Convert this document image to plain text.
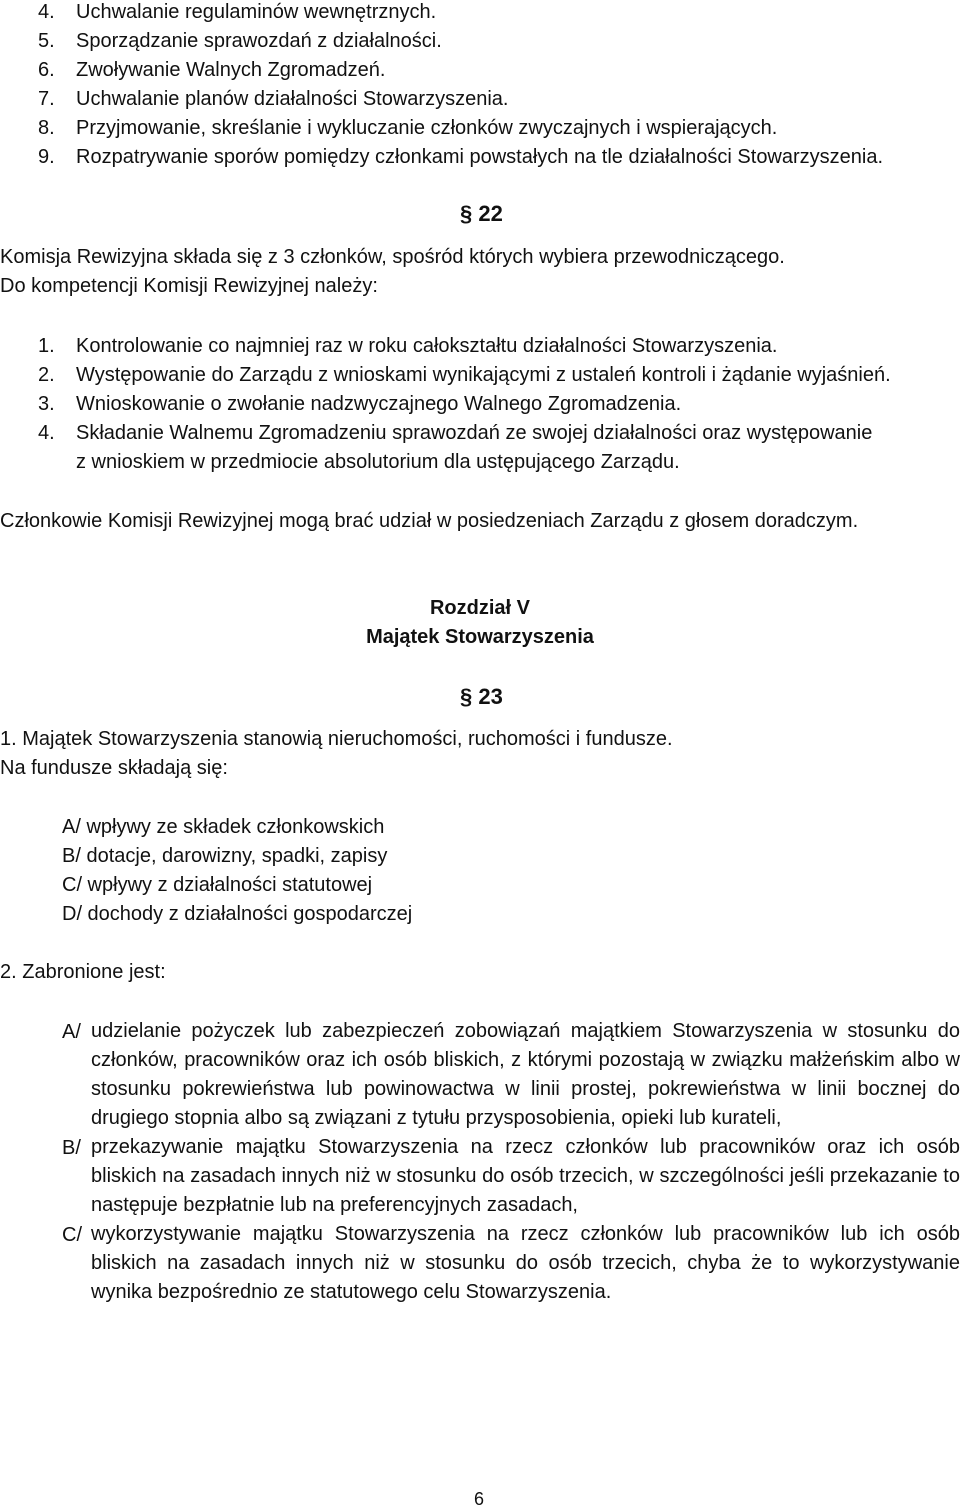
4. Uchwalanie regulaminów wewnętrznych.
5. Sporządzanie sprawozdań z działalności.
6. Zwoływanie Walnych Zgromadzeń.
7. Uchwalanie planów działalności Stowarzyszenia.
8. Przyjmowanie, skreślanie i wykluczanie członków zwyczajnych i wspierających.
9. Rozpatrywanie sporów pomiędzy członkami powstałych na tle działalności Stowarzyszenia.
§ 22
Komisja Rewizyjna składa się z 3 członków, spośród których wybiera przewodniczącego.
Do kompetencji Komisji Rewizyjnej należy:
1. Kontrolowanie co najmniej raz w roku całokształtu działalności Stowarzyszenia.
2. Występowanie do Zarządu z wnioskami wynikającymi z ustaleń kontroli i żądanie wyjaśnień.
3. Wnioskowanie o zwołanie nadzwyczajnego Walnego Zgromadzenia.
4. Składanie Walnemu Zgromadzeniu sprawozdań ze swojej działalności oraz występowanie
z wnioskiem w przedmiocie absolutorium dla ustępującego Zarządu.
Członkowie Komisji Rewizyjnej mogą brać udział w posiedzeniach Zarządu z głosem doradczym.
Rozdział V
Majątek Stowarzyszenia
§ 23
1. Majątek Stowarzyszenia stanowią nieruchomości, ruchomości i fundusze.
Na fundusze składają się:
A/ wpływy ze składek członkowskich
B/ dotacje, darowizny, spadki, zapisy
C/ wpływy z działalności statutowej
D/ dochody z działalności gospodarczej
2. Zabronione jest:
A/ udzielanie pożyczek lub zabezpieczeń zobowiązań majątkiem Stowarzyszenia w stosunku do członków, pracowników oraz ich osób bliskich, z którymi pozostają w związku małżeńskim albo w stosunku pokrewieństwa lub powinowactwa w linii prostej, pokrewieństwa w linii bocznej do drugiego stopnia albo są związani z tytułu przysposobienia, opieki lub kurateli,
B/ przekazywanie majątku Stowarzyszenia na rzecz członków lub pracowników oraz ich osób bliskich na zasadach innych niż w stosunku do osób trzecich, w szczególności jeśli przekazanie to następuje bezpłatnie lub na preferencyjnych zasadach,
C/ wykorzystywanie majątku Stowarzyszenia na rzecz członków lub pracowników lub ich osób bliskich na zasadach innych niż w stosunku do osób trzecich, chyba że to wykorzystywanie wynika bezpośrednio ze statutowego celu Stowarzyszenia.
6
